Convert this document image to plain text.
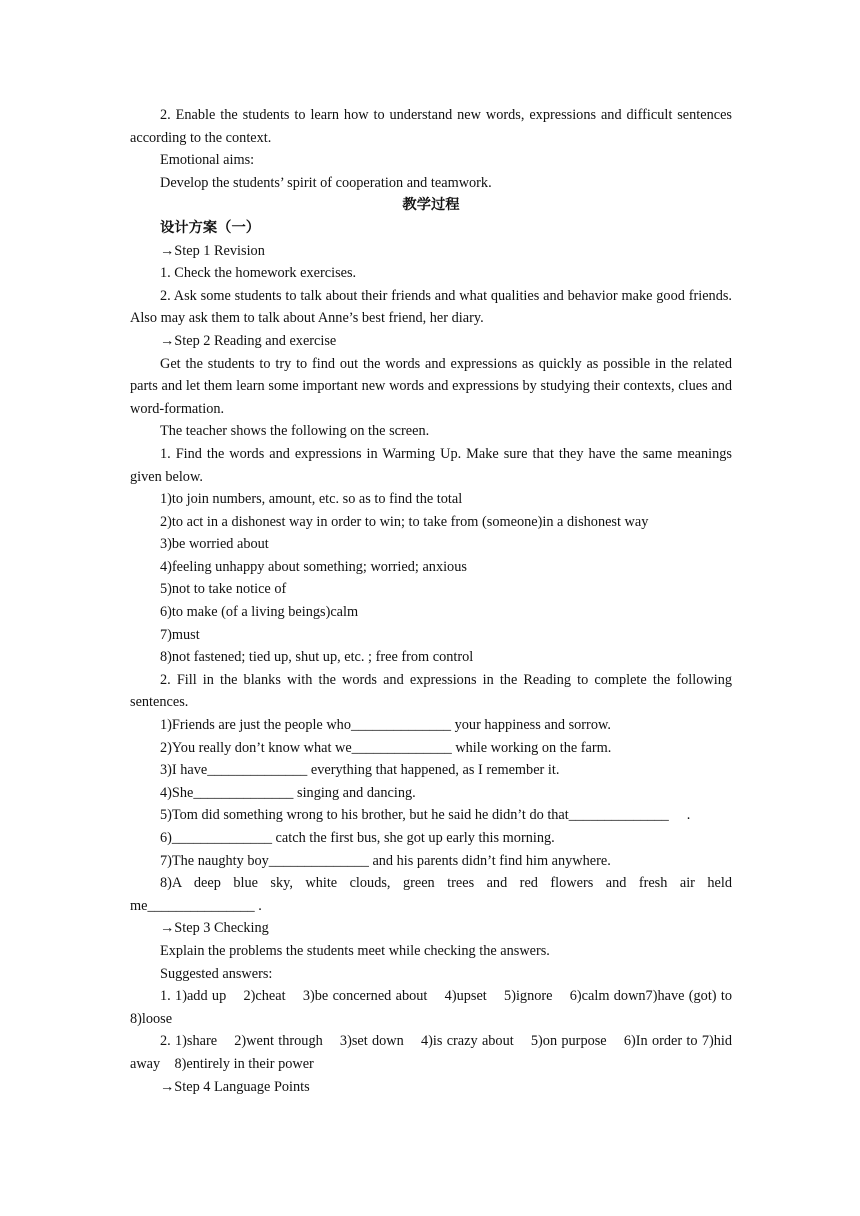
2. Enable the students to learn how to understand new words, expressions and difficult sentences according to the context.

Emotional aims:

Develop the students’ spirit of cooperation and teamwork.

教学过程

设计方案（一）

→Step 1 Revision

1. Check the homework exercises.

2. Ask some students to talk about their friends and what qualities and behavior make good friends. Also may ask them to talk about Anne’s best friend, her diary.

→Step 2 Reading and exercise

Get the students to try to find out the words and expressions as quickly as possible in the related parts and let them learn some important new words and expressions by studying their contexts, clues and word-formation.

The teacher shows the following on the screen.

1. Find the words and expressions in Warming Up. Make sure that they have the same meanings given below.

1)to join numbers, amount, etc. so as to find the total

2)to act in a dishonest way in order to win; to take from (someone)in a dishonest way

3)be worried about

4)feeling unhappy about something; worried; anxious

5)not to take notice of

6)to make (of a living beings)calm

7)must

8)not fastened; tied up, shut up, etc. ; free from control

2. Fill in the blanks with the words and expressions in the Reading to complete the following sentences.

1)Friends are just the people who______________ your happiness and sorrow.

2)You really don’t know what we______________ while working on the farm.

3)I have______________ everything that happened, as I remember it.

4)She______________ singing and dancing.

5)Tom did something wrong to his brother, but he said he didn’t do that______________     .

6)______________ catch the first bus, she got up early this morning.

7)The naughty boy______________ and his parents didn’t find him anywhere.

8)A deep blue sky, white clouds, green trees and red flowers and fresh air held me_______________ .

→Step 3 Checking

Explain the problems the students meet while checking the answers.

Suggested answers:

1. 1)add up    2)cheat    3)be concerned about    4)upset    5)ignore    6)calm down7)have (got) to    8)loose

2. 1)share    2)went through    3)set down    4)is crazy about    5)on purpose    6)In order to 7)hid away    8)entirely in their power

→Step 4 Language Points
